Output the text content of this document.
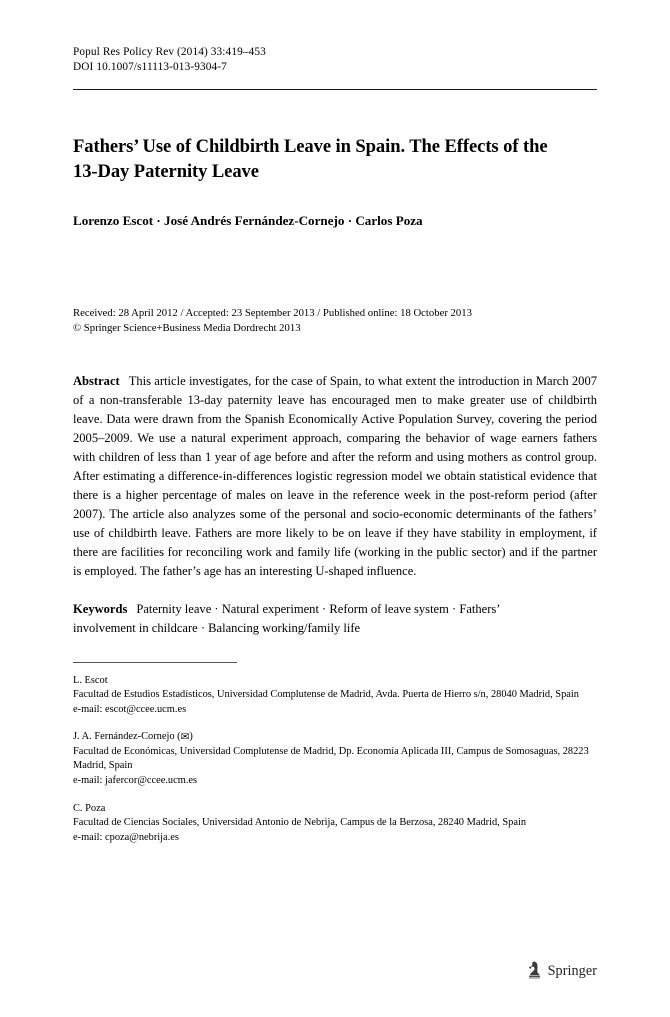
Popul Res Policy Rev (2014) 33:419–453
DOI 10.1007/s11113-013-9304-7
Fathers’ Use of Childbirth Leave in Spain. The Effects of the 13-Day Paternity Leave
Lorenzo Escot · José Andrés Fernández-Cornejo · Carlos Poza
Received: 28 April 2012 / Accepted: 23 September 2013 / Published online: 18 October 2013
© Springer Science+Business Media Dordrecht 2013
Abstract This article investigates, for the case of Spain, to what extent the introduction in March 2007 of a non-transferable 13-day paternity leave has encouraged men to make greater use of childbirth leave. Data were drawn from the Spanish Economically Active Population Survey, covering the period 2005–2009. We use a natural experiment approach, comparing the behavior of wage earners fathers with children of less than 1 year of age before and after the reform and using mothers as control group. After estimating a difference-in-differences logistic regression model we obtain statistical evidence that there is a higher percentage of males on leave in the reference week in the post-reform period (after 2007). The article also analyzes some of the personal and socio-economic determinants of the fathers’ use of childbirth leave. Fathers are more likely to be on leave if they have stability in employment, if there are facilities for reconciling work and family life (working in the public sector) and if the partner is employed. The father’s age has an interesting U-shaped influence.
Keywords Paternity leave · Natural experiment · Reform of leave system · Fathers’ involvement in childcare · Balancing working/family life
L. Escot
Facultad de Estudios Estadísticos, Universidad Complutense de Madrid, Avda. Puerta de Hierro s/n, 28040 Madrid, Spain
e-mail: escot@ccee.ucm.es
J. A. Fernández-Cornejo (✉)
Facultad de Económicas, Universidad Complutense de Madrid, Dp. Economía Aplicada III, Campus de Somosaguas, 28223 Madrid, Spain
e-mail: jafercor@ccee.ucm.es
C. Poza
Facultad de Ciencias Sociales, Universidad Antonio de Nebrija, Campus de la Berzosa, 28240 Madrid, Spain
e-mail: cpoza@nebrija.es
Springer
